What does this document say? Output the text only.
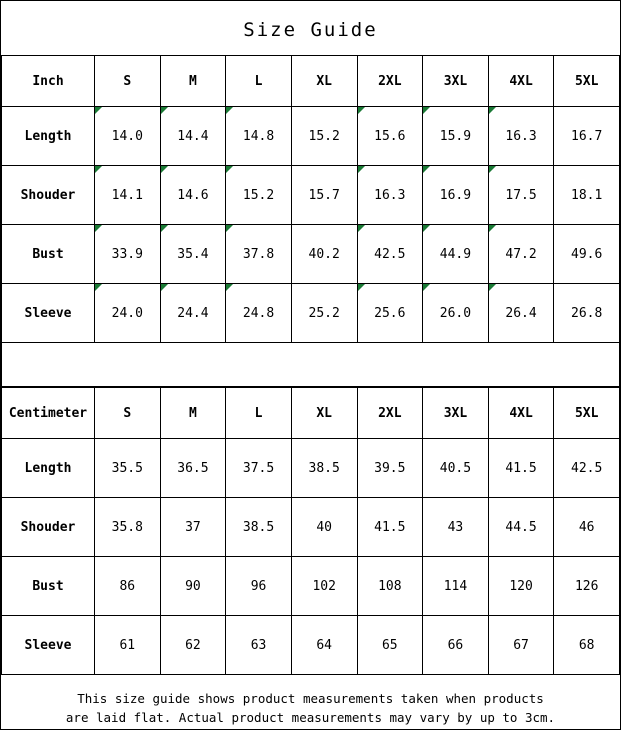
Size Guide
Inch	S	M	L	XL	2XL	3XL	4XL	5XL
Length	14.0	14.4	14.8	15.2	15.6	15.9	16.3	16.7
Shouder	14.1	14.6	15.2	15.7	16.3	16.9	17.5	18.1
Bust	33.9	35.4	37.8	40.2	42.5	44.9	47.2	49.6
Sleeve	24.0	24.4	24.8	25.2	25.6	26.0	26.4	26.8
Centimeter	S	M	L	XL	2XL	3XL	4XL	5XL
Length	35.5	36.5	37.5	38.5	39.5	40.5	41.5	42.5
Shouder	35.8	37	38.5	40	41.5	43	44.5	46
Bust	86	90	96	102	108	114	120	126
Sleeve	61	62	63	64	65	66	67	68
This size guide shows product measurements taken when products
are laid flat. Actual product measurements may vary by up to 3cm.
